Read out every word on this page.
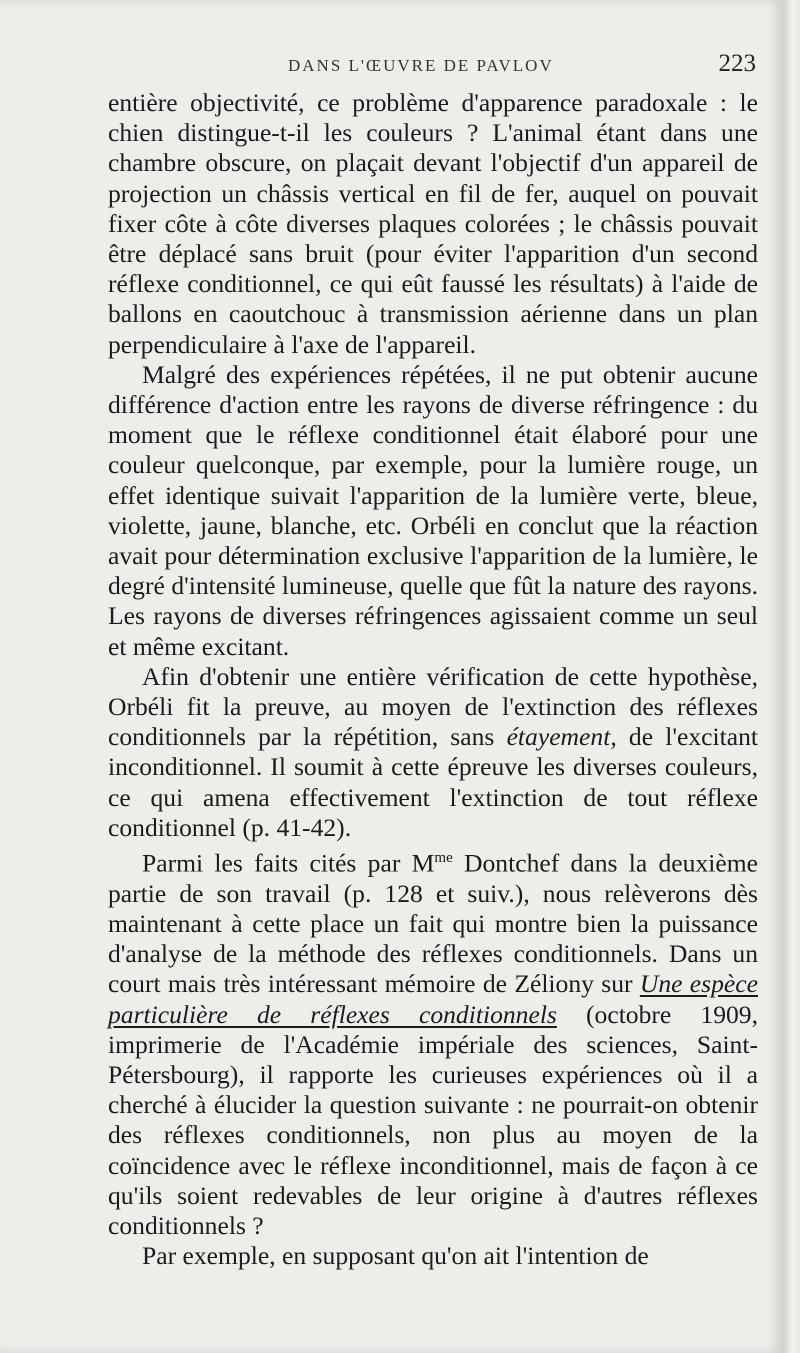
DANS L'ŒUVRE DE PAVLOV	223

entière objectivité, ce problème d'apparence paradoxale : le chien distingue-t-il les couleurs ? L'animal étant dans une chambre obscure, on plaçait devant l'objectif d'un appareil de projection un châssis vertical en fil de fer, auquel on pouvait fixer côte à côte diverses plaques colorées ; le châssis pouvait être déplacé sans bruit (pour éviter l'apparition d'un second réflexe conditionnel, ce qui eût faussé les résultats) à l'aide de ballons en caoutchouc à transmission aérienne dans un plan perpendiculaire à l'axe de l'appareil.

Malgré des expériences répétées, il ne put obtenir aucune différence d'action entre les rayons de diverse réfringence : du moment que le réflexe conditionnel était élaboré pour une couleur quelconque, par exemple, pour la lumière rouge, un effet identique suivait l'apparition de la lumière verte, bleue, violette, jaune, blanche, etc. Orbéli en conclut que la réaction avait pour détermination exclusive l'apparition de la lumière, le degré d'intensité lumineuse, quelle que fût la nature des rayons. Les rayons de diverses réfringences agissaient comme un seul et même excitant.

Afin d'obtenir une entière vérification de cette hypothèse, Orbéli fit la preuve, au moyen de l'extinction des réflexes conditionnels par la répétition, sans étayement, de l'excitant inconditionnel. Il soumit à cette épreuve les diverses couleurs, ce qui amena effectivement l'extinction de tout réflexe conditionnel (p. 41-42).

Parmi les faits cités par $M^{me}$ Dontchef dans la deuxième partie de son travail (p. 128 et suiv.), nous relèverons dès maintenant à cette place un fait qui montre bien la puissance d'analyse de la méthode des réflexes conditionnels. Dans un court mais très intéressant mémoire de Zéliony sur Une espèce particulière de réflexes conditionnels (octobre 1909, imprimerie de l'Académie impériale des sciences, Saint-Pétersbourg), il rapporte les curieuses expériences où il a cherché à élucider la question suivante : ne pourrait-on obtenir des réflexes conditionnels, non plus au moyen de la coïncidence avec le réflexe inconditionnel, mais de façon à ce qu'ils soient redevables de leur origine à d'autres réflexes conditionnels ?

Par exemple, en supposant qu'on ait l'intention de
